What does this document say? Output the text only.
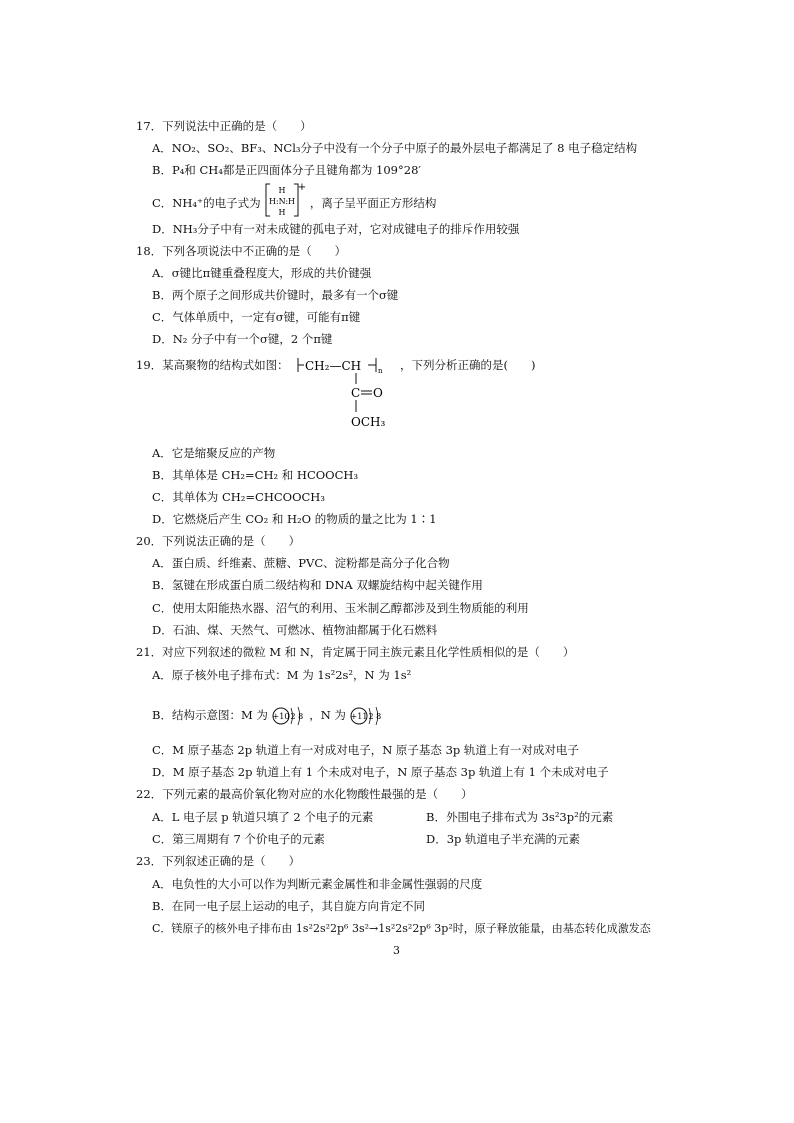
17．下列说法中正确的是（　　）
A．NO₂、SO₂、BF₃、NCl₃分子中没有一个分子中原子的最外层电子都满足了 8 电子稳定结构
B．P₄和 CH₄都是正四面体分子且键角都为 109°28′
C．NH₄⁺的电子式为
H
H:N:H
H
+
，离子呈平面正方形结构
D．NH₃分子中有一对未成键的孤电子对，它对成键电子的排斥作用较强
18．下列各项说法中不正确的是（　　）
A．σ键比π键重叠程度大，形成的共价键强
B．两个原子之间形成共价键时，最多有一个σ键
C．气体单质中，一定有σ键，可能有π键
D．N₂ 分子中有一个σ键，2 个π键
19．某高聚物的结构式如图： CH₂—CH n
C O
OCH₃
，下列分析正确的是(　　)
A．它是缩聚反应的产物
B．其单体是 CH₂=CH₂ 和 HCOOCH₃
C．其单体为 CH₂=CHCOOCH₃
D．它燃烧后产生 CO₂ 和 H₂O 的物质的量之比为 1∶1
20．下列说法正确的是（　　）
A．蛋白质、纤维素、蔗糖、PVC、淀粉都是高分子化合物
B．氢键在形成蛋白质二级结构和 DNA 双螺旋结构中起关键作用
C．使用太阳能热水器、沼气的利用、玉米制乙醇都涉及到生物质能的利用
D．石油、煤、天然气、可燃冰、植物油都属于化石燃料
21．对应下列叙述的微粒 M 和 N，肯定属于同主族元素且化学性质相似的是（　　）
A．原子核外电子排布式：M 为 1s²2s²，N 为 1s²
B．结构示意图：M 为 +10 2 8 ，N 为 +11 2 8
C．M 原子基态 2p 轨道上有一对成对电子，N 原子基态 3p 轨道上有一对成对电子
D．M 原子基态 2p 轨道上有 1 个未成对电子，N 原子基态 3p 轨道上有 1 个未成对电子
22．下列元素的最高价氧化物对应的水化物酸性最强的是（　　）
A．L 电子层 p 轨道只填了 2 个电子的元素	B．外围电子排布式为 3s²3p²的元素
C．第三周期有 7 个价电子的元素	D．3p 轨道电子半充满的元素
23．下列叙述正确的是（　　）
A．电负性的大小可以作为判断元素金属性和非金属性强弱的尺度
B．在同一电子层上运动的电子，其自旋方向肯定不同
C．镁原子的核外电子排布由 1s²2s²2p⁶ 3s²→1s²2s²2p⁶ 3p²时，原子释放能量，由基态转化成激发态
3
